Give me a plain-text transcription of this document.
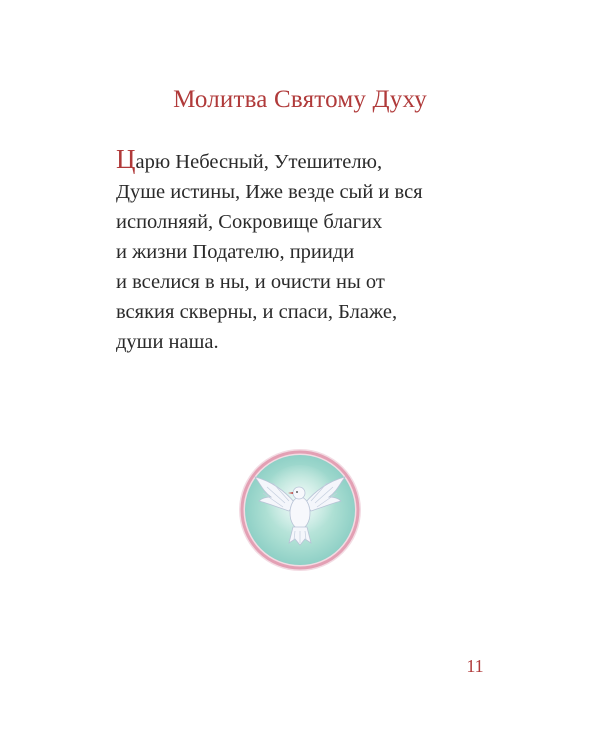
Молитва Святому Духу
Царю Небесный, Утешителю,
Душе истины, Иже везде сый и вся
исполняяй, Сокровище благих
и жизни Подателю, прииди
и вселися в ны, и очисти ны от
всякия скверны, и спаси, Блаже,
души наша.
11
